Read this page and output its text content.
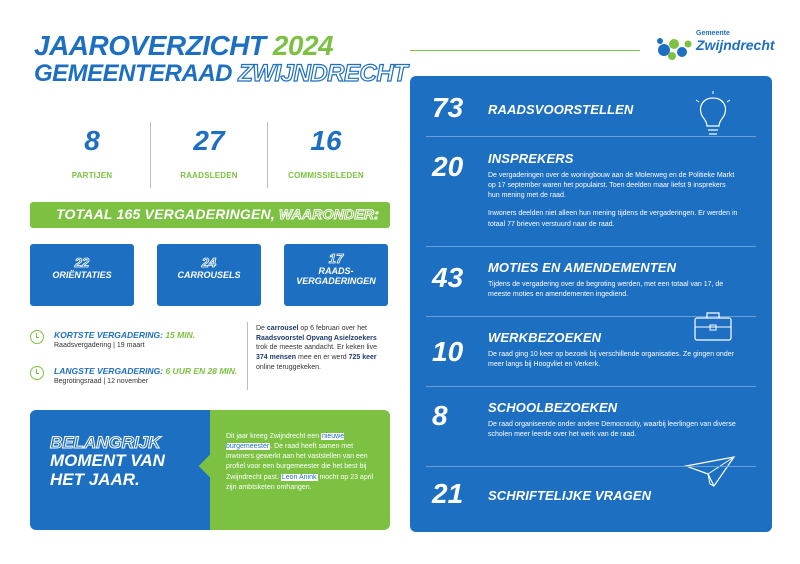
JAAROVERZICHT 2024
GEMEENTERAAD ZWIJNDRECHT
Gemeente
Zwijndrecht
8
PARTIJEN
27
RAADSLEDEN
16
COMMISSIELEDEN
TOTAAL 165 VERGADERINGEN, WAARONDER:
22
ORIËNTATIES
24
CARROUSELS
17
RAADS-
VERGADERINGEN
KORTSTE VERGADERING: 15 MIN.
Raadsvergadering | 19 maart
LANGSTE VERGADERING: 6 UUR EN 28 MIN.
Begrotingsraad | 12 november
De carrousel op 6 februari over het Raadsvoorstel Opvang Asielzoekers trok de meeste aandacht. Er keken live 374 mensen mee en er werd 725 keer online teruggekeken.
BELANGRIJK
MOMENT VAN
HET JAAR.
Dit jaar kreeg Zwijndrecht een nieuwe burgemeester. De raad heeft samen met inwoners gewerkt aan het vaststellen van een profiel voor een burgemeester die het best bij Zwijndrecht past. Leon Anink mocht op 23 april zijn ambtsketen omhangen.
73 RAADSVOORSTELLEN
20 INSPREKERS
De vergaderingen over de woningbouw aan de Molenweg en de Politieke Markt op 17 september waren het populairst. Toen deelden maar liefst 9 insprekers hun mening met de raad.
Inwoners deelden niet alleen hun mening tijdens de vergaderingen. Er werden in totaal 77 brieven verstuurd naar de raad.
43 MOTIES EN AMENDEMENTEN
Tijdens de vergadering over de begroting werden, met een totaal van 17, de meeste moties en amendementen ingediend.
10 WERKBEZOEKEN
De raad ging 10 keer op bezoek bij verschillende organisaties. Ze gingen onder meer langs bij Hoogvliet en Verkerk.
8	SCHOOLBEZOEKEN
De raad organiseerde onder andere Democracity, waarbij leerlingen van diverse scholen meer leerde over het werk van de raad.
21 SCHRIFTELIJKE VRAGEN
